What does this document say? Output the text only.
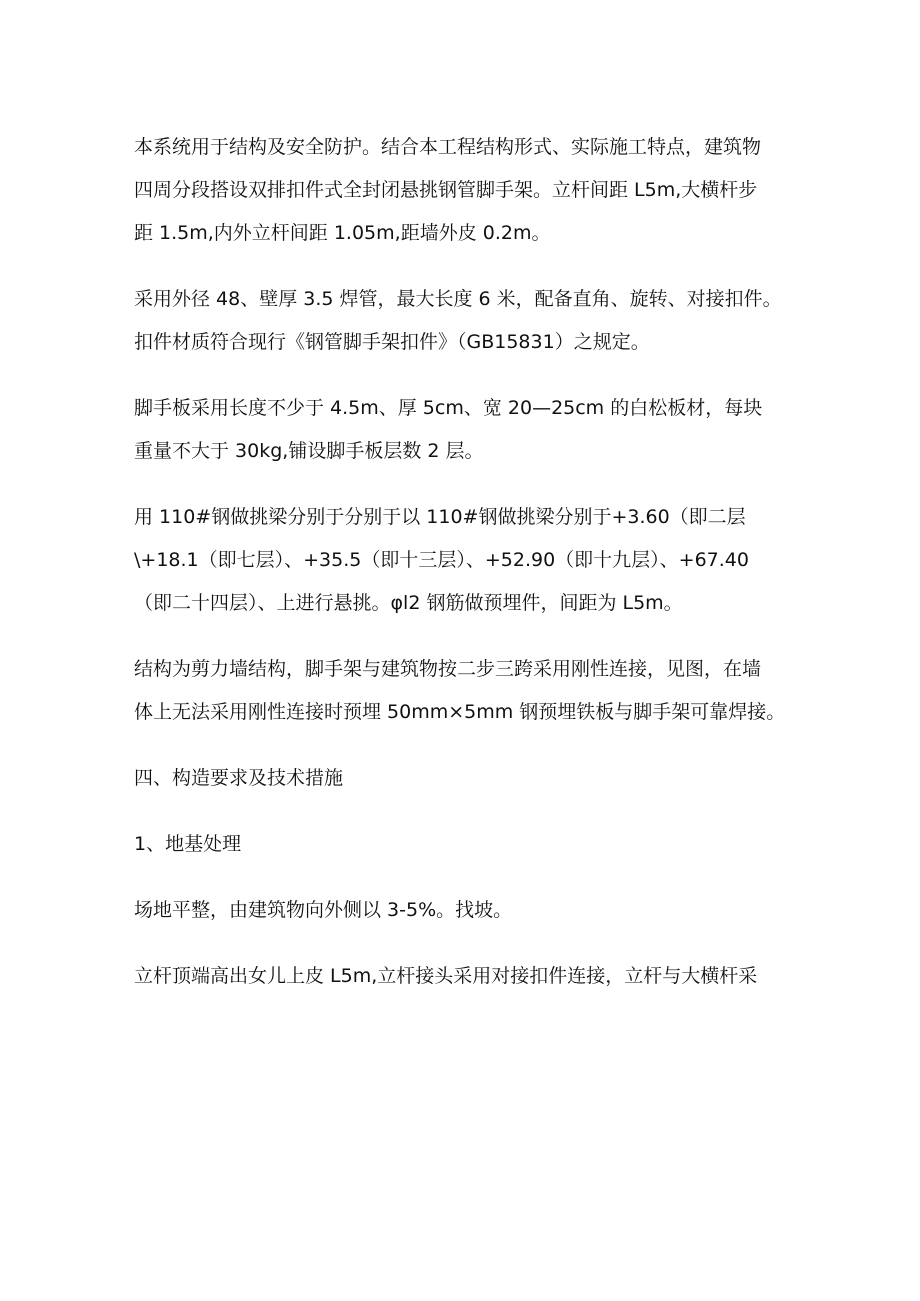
本系统用于结构及安全防护。结合本工程结构形式、实际施工特点，建筑物
四周分段搭设双排扣件式全封闭悬挑钢管脚手架。立杆间距 L5m,大横杆步
距 1.5m,内外立杆间距 1.05m,距墙外皮 0.2m。
采用外径 48、壁厚 3.5 焊管，最大长度 6 米，配备直角、旋转、对接扣件。
扣件材质符合现行《钢管脚手架扣件》（GB15831）之规定。
脚手板采用长度不少于 4.5m、厚 5cm、宽 20—25cm 的白松板材，每块
重量不大于 30kg,铺设脚手板层数 2 层。
用 110#钢做挑梁分别于分别于以 110#钢做挑梁分别于+3.60（即二层
\+18.1（即七层）、+35.5（即十三层）、+52.90（即十九层）、+67.40
（即二十四层）、上进行悬挑。φl2 钢筋做预埋件，间距为 L5m。
结构为剪力墙结构，脚手架与建筑物按二步三跨采用刚性连接，见图，在墙
体上无法采用刚性连接时预埋 50mm×5mm 钢预埋铁板与脚手架可靠焊接。
四、构造要求及技术措施
1、地基处理
场地平整，由建筑物向外侧以 3-5%。找坡。
立杆顶端高出女儿上皮 L5m,立杆接头采用对接扣件连接，立杆与大横杆采
